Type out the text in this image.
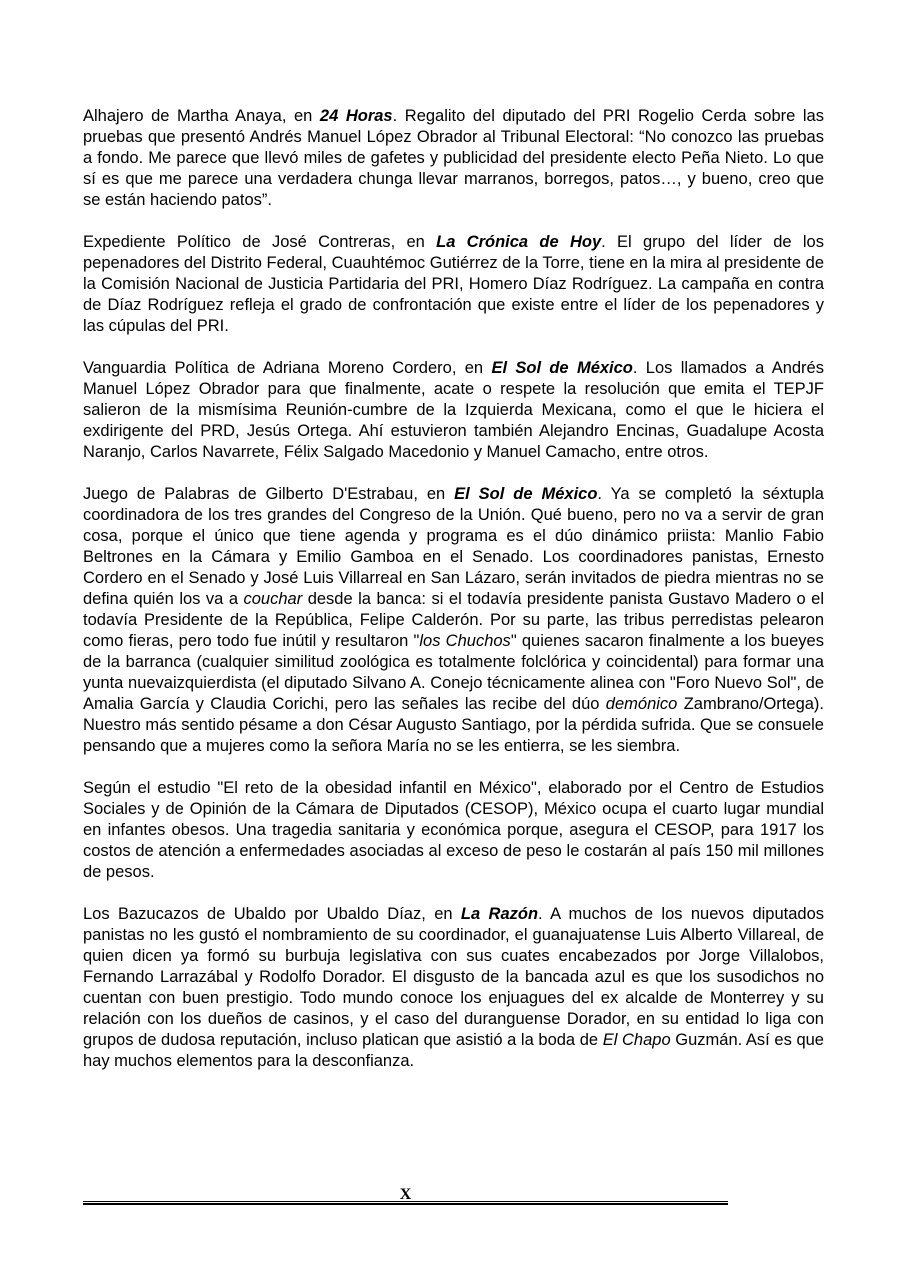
Alhajero de Martha Anaya, en 24 Horas. Regalito del diputado del PRI Rogelio Cerda sobre las pruebas que presentó Andrés Manuel López Obrador al Tribunal Electoral: “No conozco las pruebas a fondo. Me parece que llevó miles de gafetes y publicidad del presidente electo Peña Nieto. Lo que sí es que me parece una verdadera chunga llevar marranos, borregos, patos…, y bueno, creo que se están haciendo patos”.

Expediente Político de José Contreras, en La Crónica de Hoy. El grupo del líder de los pepenadores del Distrito Federal, Cuauhtémoc Gutiérrez de la Torre, tiene en la mira al presidente de la Comisión Nacional de Justicia Partidaria del PRI, Homero Díaz Rodríguez. La campaña en contra de Díaz Rodríguez refleja el grado de confrontación que existe entre el líder de los pepenadores y las cúpulas del PRI.

Vanguardia Política de Adriana Moreno Cordero, en El Sol de México. Los llamados a Andrés Manuel López Obrador para que finalmente, acate o respete la resolución que emita el TEPJF salieron de la mismísima Reunión-cumbre de la Izquierda Mexicana, como el que le hiciera el exdirigente del PRD, Jesús Ortega. Ahí estuvieron también Alejandro Encinas, Guadalupe Acosta Naranjo, Carlos Navarrete, Félix Salgado Macedonio y Manuel Camacho, entre otros.

Juego de Palabras de Gilberto D'Estrabau, en El Sol de México. Ya se completó la séxtupla coordinadora de los tres grandes del Congreso de la Unión. Qué bueno, pero no va a servir de gran cosa, porque el único que tiene agenda y programa es el dúo dinámico priista: Manlio Fabio Beltrones en la Cámara y Emilio Gamboa en el Senado. Los coordinadores panistas, Ernesto Cordero en el Senado y José Luis Villarreal en San Lázaro, serán invitados de piedra mientras no se defina quién los va a couchar desde la banca: si el todavía presidente panista Gustavo Madero o el todavía Presidente de la República, Felipe Calderón. Por su parte, las tribus perredistas pelearon como fieras, pero todo fue inútil y resultaron "los Chuchos" quienes sacaron finalmente a los bueyes de la barranca (cualquier similitud zoológica es totalmente folclórica y coincidental) para formar una yunta nuevaizquierdista (el diputado Silvano A. Conejo técnicamente alinea con "Foro Nuevo Sol", de Amalia García y Claudia Corichi, pero las señales las recibe del dúo demónico Zambrano/Ortega). Nuestro más sentido pésame a don César Augusto Santiago, por la pérdida sufrida. Que se consuele pensando que a mujeres como la señora María no se les entierra, se les siembra.

Según el estudio "El reto de la obesidad infantil en México", elaborado por el Centro de Estudios Sociales y de Opinión de la Cámara de Diputados (CESOP), México ocupa el cuarto lugar mundial en infantes obesos. Una tragedia sanitaria y económica porque, asegura el CESOP, para 1917 los costos de atención a enfermedades asociadas al exceso de peso le costarán al país 150 mil millones de pesos.

Los Bazucazos de Ubaldo por Ubaldo Díaz, en La Razón. A muchos de los nuevos diputados panistas no les gustó el nombramiento de su coordinador, el guanajuatense Luis Alberto Villareal, de quien dicen ya formó su burbuja legislativa con sus cuates encabezados por Jorge Villalobos, Fernando Larrazábal y Rodolfo Dorador. El disgusto de la bancada azul es que los susodichos no cuentan con buen prestigio. Todo mundo conoce los enjuagues del ex alcalde de Monterrey y su relación con los dueños de casinos, y el caso del duranguense Dorador, en su entidad lo liga con grupos de dudosa reputación, incluso platican que asistió a la boda de El Chapo Guzmán. Así es que hay muchos elementos para la desconfianza.

X
